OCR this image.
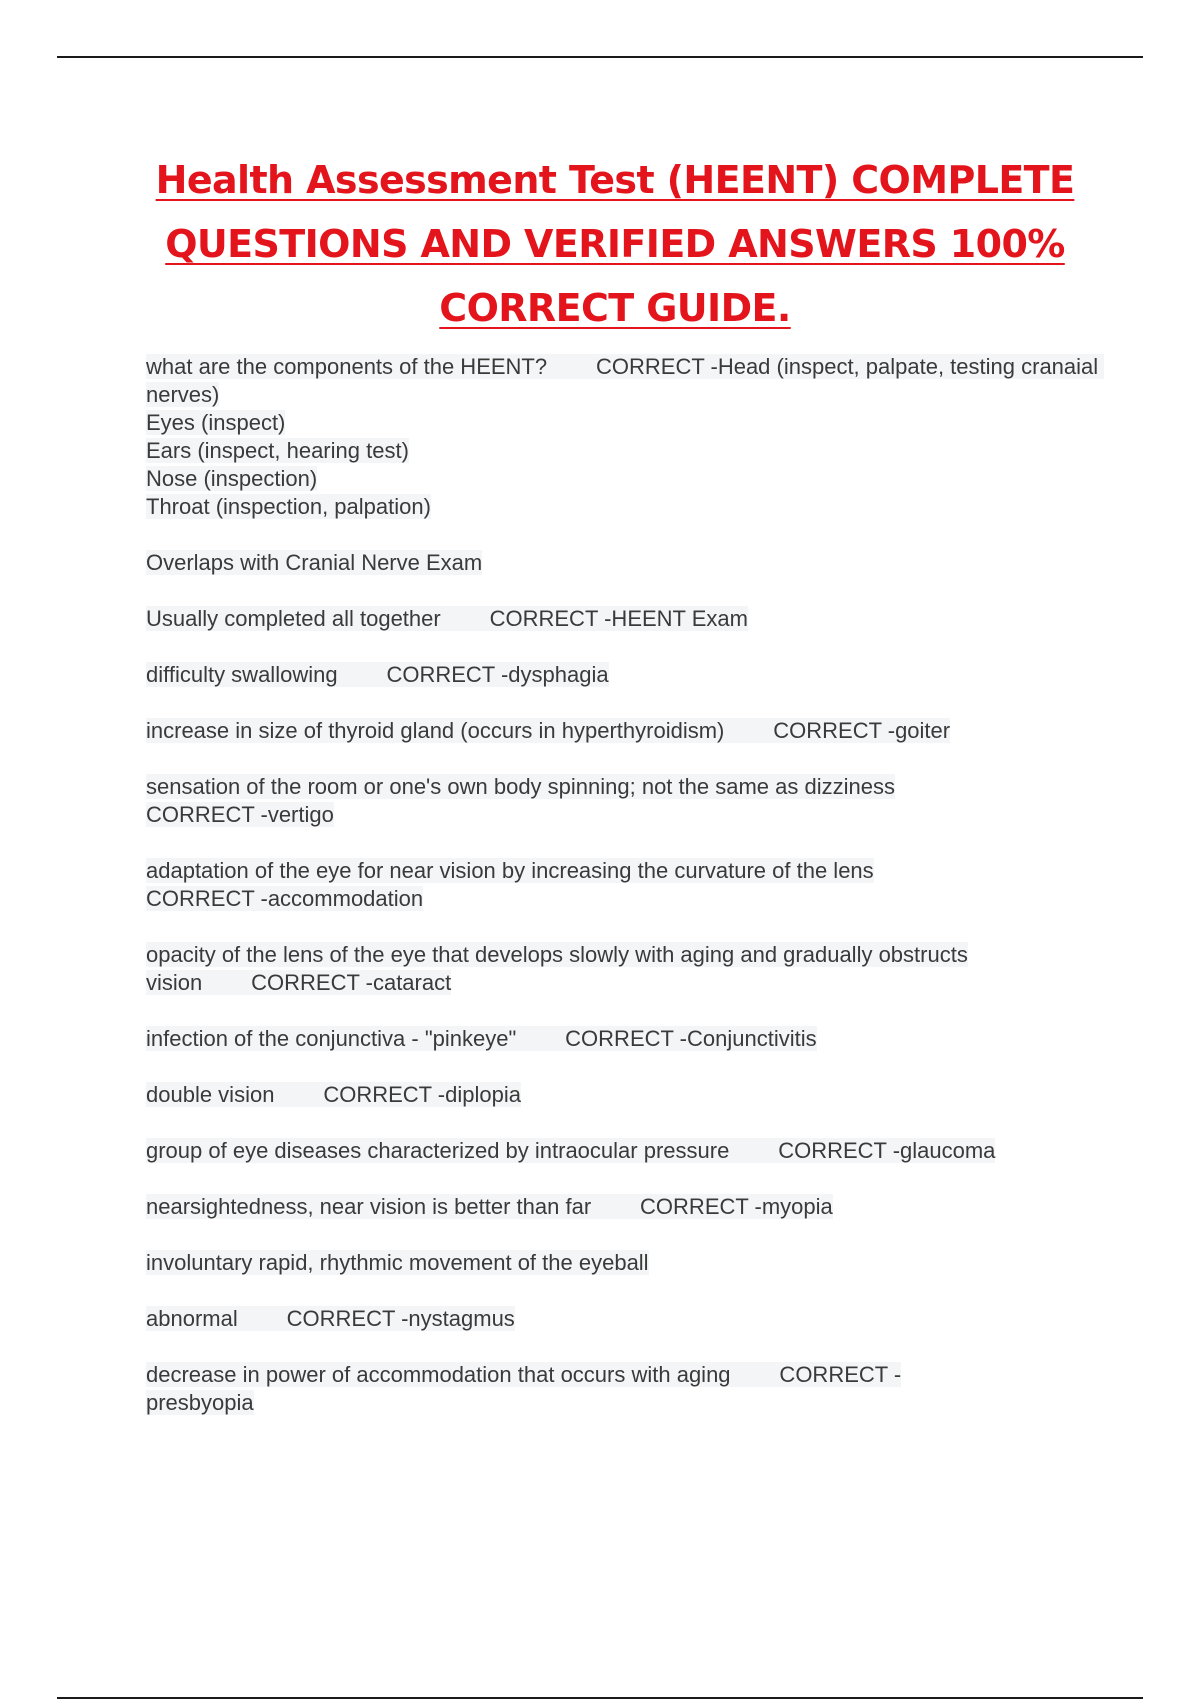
Health Assessment Test (HEENT) COMPLETE
QUESTIONS AND VERIFIED ANSWERS 100%
CORRECT GUIDE.
what are the components of the HEENT?        CORRECT -Head (inspect, palpate, testing cranaial nerves)
Eyes (inspect)
Ears (inspect, hearing test)
Nose (inspection)
Throat (inspection, palpation)
Overlaps with Cranial Nerve Exam
Usually completed all together        CORRECT -HEENT Exam
difficulty swallowing        CORRECT -dysphagia
increase in size of thyroid gland (occurs in hyperthyroidism)        CORRECT -goiter
sensation of the room or one's own body spinning; not the same as dizziness
CORRECT -vertigo
adaptation of the eye for near vision by increasing the curvature of the lens
CORRECT -accommodation
opacity of the lens of the eye that develops slowly with aging and gradually obstructs
vision        CORRECT -cataract
infection of the conjunctiva - "pinkeye"        CORRECT -Conjunctivitis
double vision        CORRECT -diplopia
group of eye diseases characterized by intraocular pressure        CORRECT -glaucoma
nearsightedness, near vision is better than far        CORRECT -myopia
involuntary rapid, rhythmic movement of the eyeball
abnormal        CORRECT -nystagmus
decrease in power of accommodation that occurs with aging        CORRECT -
presbyopia
